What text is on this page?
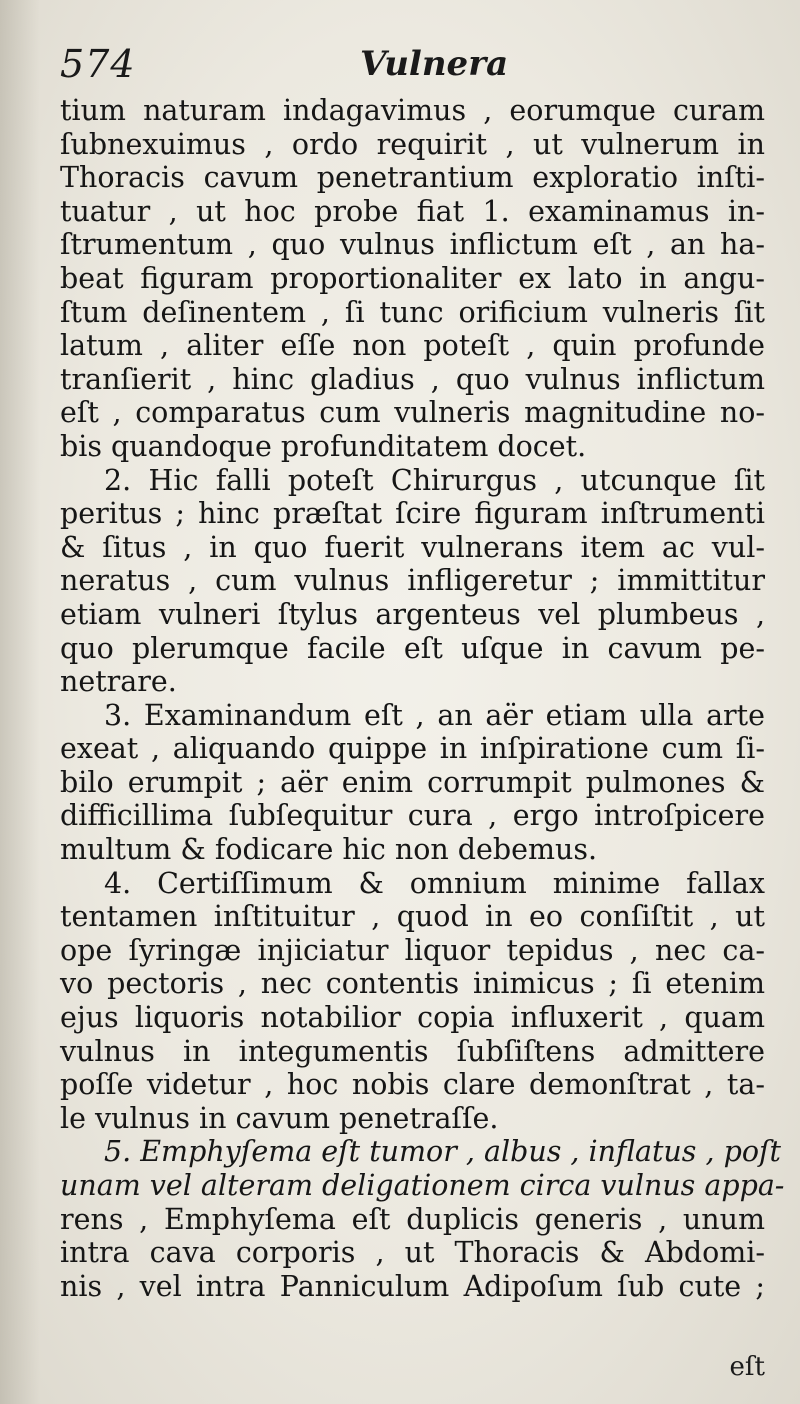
574	Vulnera
tium naturam indagavimus , eorumque curam
ſubnexuimus , ordo requirit , ut vulnerum in
Thoracis cavum penetrantium exploratio inſti-
tuatur , ut hoc probe fiat 1. examinamus in-
ſtrumentum , quo vulnus inflictum eſt , an ha-
beat figuram proportionaliter ex lato in angu-
ſtum deſinentem , ſi tunc orificium vulneris ſit
latum , aliter eſſe non poteſt , quin profunde
tranſierit , hinc gladius , quo vulnus inflictum
eſt , comparatus cum vulneris magnitudine no-
bis quandoque profunditatem docet.
2. Hic falli poteſt Chirurgus , utcunque ſit
peritus ; hinc præſtat ſcire figuram inſtrumenti
& ſitus , in quo fuerit vulnerans item ac vul-
neratus , cum vulnus infligeretur ; immittitur
etiam vulneri ſtylus argenteus vel plumbeus ,
quo plerumque facile eſt uſque in cavum pe-
netrare.
3. Examinandum eſt , an aër etiam ulla arte
exeat , aliquando quippe in inſpiratione cum ſi-
bilo erumpit ; aër enim corrumpit pulmones &
difficillima ſubſequitur cura , ergo introſpicere
multum & fodicare hic non debemus.
4. Certiſſimum & omnium minime fallax
tentamen inſtituitur , quod in eo conſiſtit , ut
ope ſyringæ injiciatur liquor tepidus , nec ca-
vo pectoris , nec contentis inimicus ; ſi etenim
ejus liquoris notabilior copia influxerit , quam
vulnus in integumentis ſubſiſtens admittere
poſſe videtur , hoc nobis clare demonſtrat , ta-
le vulnus in cavum penetraſſe.
5. Emphyſema eſt tumor , albus , inflatus , poſt
unam vel alteram deligationem circa vulnus appa-
rens , Emphyſema eſt duplicis generis , unum
intra cava corporis , ut Thoracis & Abdomi-
nis , vel intra Panniculum Adipoſum ſub cute ;
eſt
